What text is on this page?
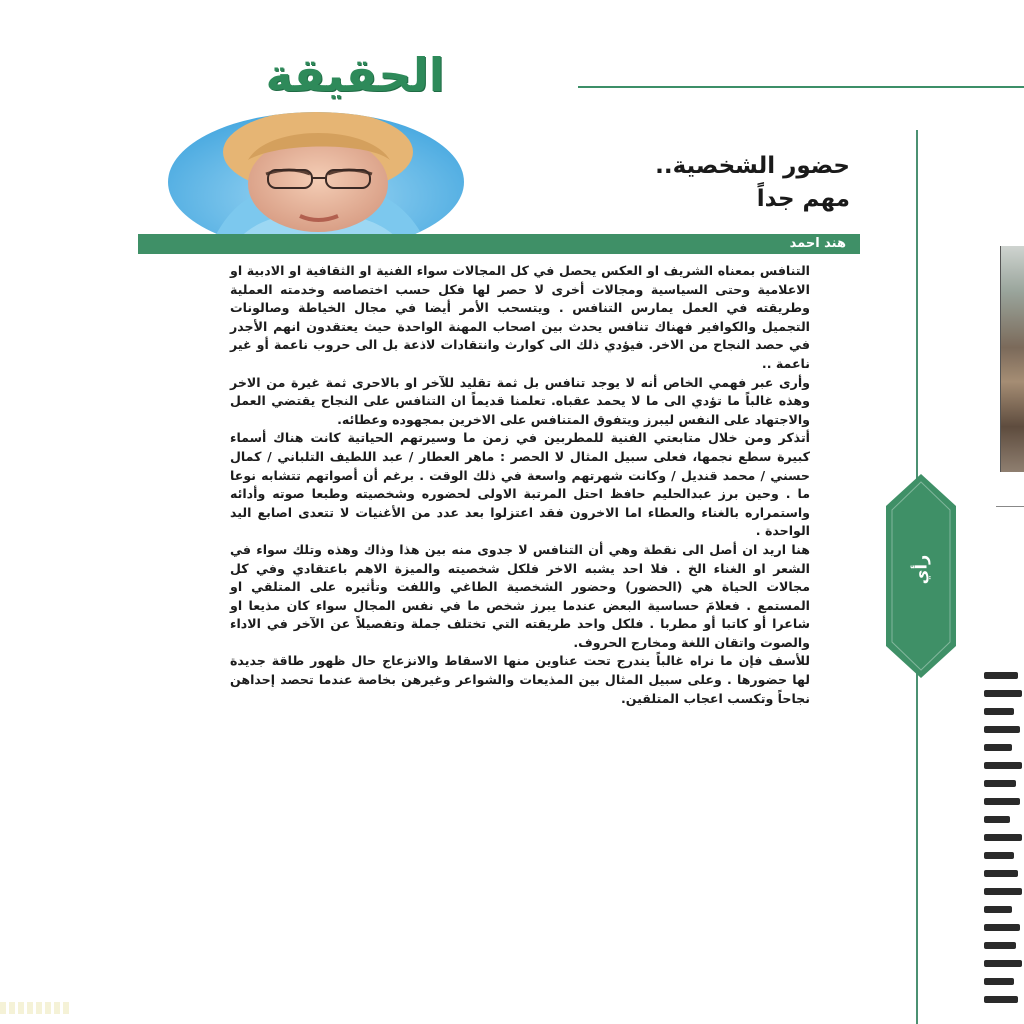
الحقيقة
حضور الشخصية..
مهم جداً
هند احمد
التنافس بمعناه الشريف او العكس يحصل في كل المجالات سواء الفنية او الثقافية او الادبية او الاعلامية وحتى السياسية ومجالات أخرى لا حصر لها فكل حسب اختصاصه وخدمته العملية وطريقته في العمل يمارس التنافس . ويتسحب الأمر أيضا في مجال الخياطة وصالونات التجميل والكوافير فهناك تنافس يحدث بين اصحاب المهنة الواحدة حيث يعتقدون انهم الأجدر في حصد النجاح من الاخر. فيؤدي ذلك الى كوارث وانتقادات لاذعة بل الى حروب ناعمة أو غير ناعمة ..
وأرى عبر فهمي الخاص أنه لا يوجد تنافس بل ثمة تقليد للآخر او بالاحرى ثمة غيرة من الاخر وهذه غالباً ما تؤدي الى ما لا يحمد عقباه. تعلمنا قديماً ان التنافس على النجاح يقتضي العمل والاجتهاد على النفس ليبرز ويتفوق المتنافس على الاخرين بمجهوده وعطائه.
أتذكر ومن خلال متابعتي الفنية للمطربين في زمن ما وسيرتهم الحياتية كانت هناك أسماء كبيرة سطع نجمها، فعلى سبيل المثال لا الحصر : ماهر العطار / عبد اللطيف التلباني / كمال حسني / محمد قنديل / وكانت شهرتهم واسعة في ذلك الوقت . برغم أن أصواتهم تتشابه نوعا ما . وحين برز عبدالحليم حافظ احتل المرتبة الاولى لحضوره وشخصيته وطبعا صوته وأدائه واستمراره بالغناء والعطاء اما الاخرون فقد اعتزلوا بعد عدد من الأغنيات لا تتعدى اصابع اليد الواحدة .
هنا اريد ان أصل الى نقطة وهي أن التنافس لا جدوى منه بين هذا وذاك وهذه وتلك سواء في الشعر او الغناء الخ . فلا احد يشبه الاخر فلكل شخصيته والميزة الاهم باعتقادي وفي كل مجالات الحياة هي (الحضور) وحضور الشخصية الطاغي واللفت وتأثيره على المتلقي او المستمع . فعلامَ حساسية البعض عندما يبرز شخص ما في نفس المجال سواء كان مذيعا او شاعرا أو كاتبا أو مطربا . فلكل واحد طريقته التي تختلف جملة وتفصيلاً عن الآخر في الاداء والصوت واتقان اللغة ومخارج الحروف.
للأسف فإن ما نراه غالباً يندرج تحت عناوين منها الاسقاط والانزعاج حال ظهور طاقة جديدة لها حضورها . وعلى سبيل المثال بين المذيعات والشواعر وغيرهن بخاصة عندما تحصد إحداهن نجاحاً وتكسب اعجاب المتلقين.
رأي
